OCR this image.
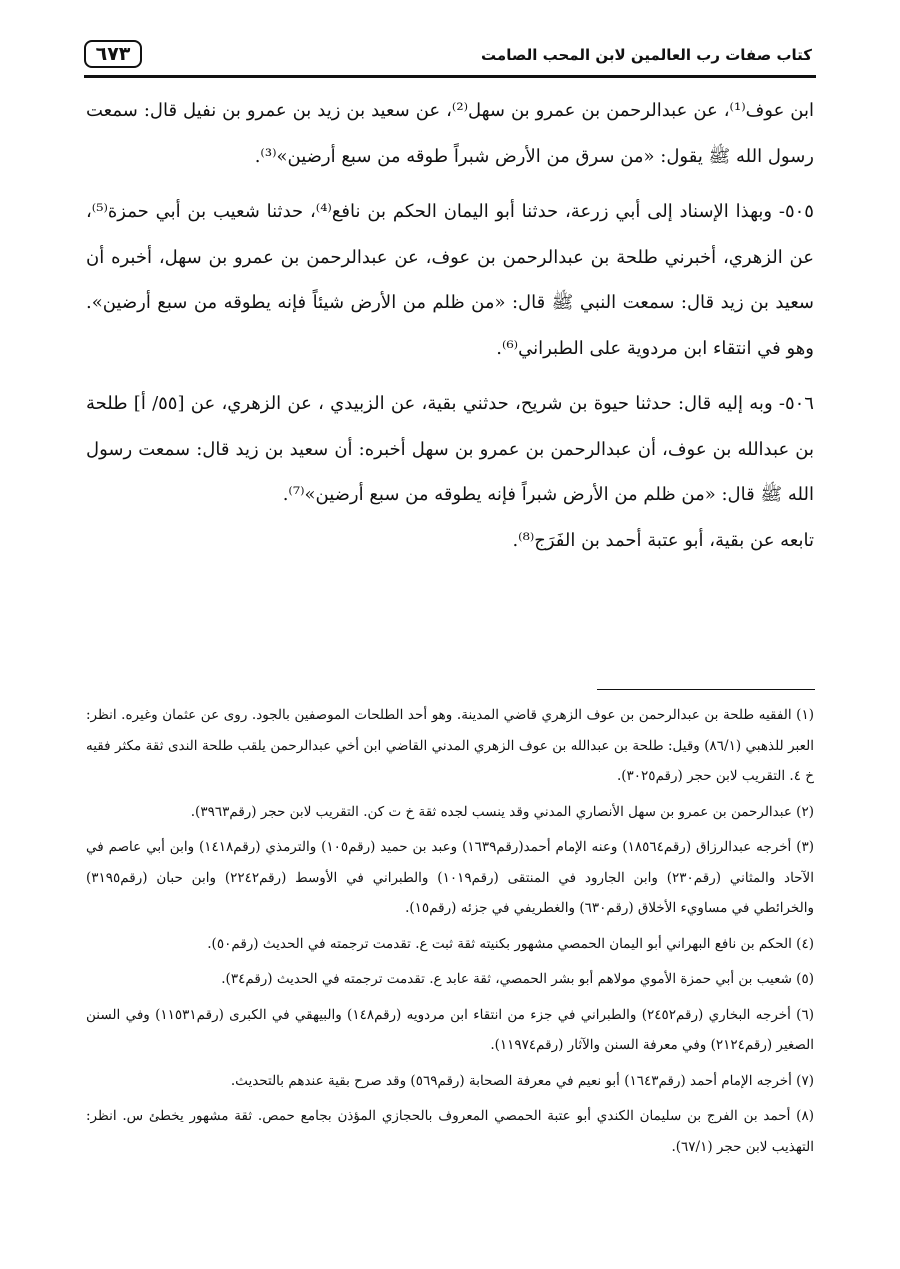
٦٧٣	كتاب صفات رب العالمين لابن المحب الصامت

ابن عوف⁽¹⁾، عن عبدالرحمن بن عمرو بن سهل⁽²⁾، عن سعيد بن زيد بن عمرو بن نفيل قال: سمعت رسول الله ﷺ يقول: «من سرق من الأرض شبراً طوقه من سبع أرضين»⁽³⁾.

٥٠٥- وبهذا الإسناد إلى أبي زرعة، حدثنا أبو اليمان الحكم بن نافع⁽⁴⁾، حدثنا شعيب بن أبي حمزة⁽⁵⁾، عن الزهري، أخبرني طلحة بن عبدالرحمن بن عوف، عن عبدالرحمن بن عمرو بن سهل، أخبره أن سعيد بن زيد قال: سمعت النبي ﷺ قال: «من ظلم من الأرض شيئاً فإنه يطوقه من سبع أرضين». وهو في انتقاء ابن مردوية على الطبراني⁽⁶⁾.

٥٠٦- وبه إليه قال: حدثنا حيوة بن شريح، حدثني بقية، عن الزبيدي ، عن الزهري، عن [٥٥/ أ] طلحة بن عبدالله بن عوف، أن عبدالرحمن بن عمرو بن سهل أخبره: أن سعيد بن زيد قال: سمعت رسول الله ﷺ قال: «من ظلم من الأرض شبراً فإنه يطوقه من سبع أرضين»⁽⁷⁾.

تابعه عن بقية، أبو عتبة أحمد بن الفَرَج⁽⁸⁾.

(١) الفقيه طلحة بن عبدالرحمن بن عوف الزهري قاضي المدينة. وهو أحد الطلحات الموصفين بالجود. روى عن عثمان وغيره. انظر: العبر للذهبي (٨٦/١) وقيل: طلحة بن عبدالله بن عوف الزهري المدني القاضي ابن أخي عبدالرحمن يلقب طلحة الندى ثقة مكثر فقيه خ ٤. التقريب لابن حجر (رقم٣٠٢٥).

(٢) عبدالرحمن بن عمرو بن سهل الأنصاري المدني وقد ينسب لجده ثقة خ ت كن. التقريب لابن حجر (رقم٣٩٦٣).

(٣) أخرجه عبدالرزاق (رقم١٨٥٦٤) وعنه الإمام أحمد(رقم١٦٣٩) وعبد بن حميد (رقم١٠٥) والترمذي (رقم١٤١٨) وابن أبي عاصم في الآحاد والمثاني (رقم٢٣٠) وابن الجارود في المنتقى (رقم١٠١٩) والطبراني في الأوسط (رقم٢٢٤٢) وابن حبان (رقم٣١٩٥) والخرائطي في مساويء الأخلاق (رقم٦٣٠) والغطريفي في جزئه (رقم١٥).

(٤) الحكم بن نافع البهراني أبو اليمان الحمصي مشهور بكنيته ثقة ثبت ع. تقدمت ترجمته في الحديث (رقم٥٠).

(٥) شعيب بن أبي حمزة الأموي مولاهم أبو بشر الحمصي، ثقة عابد ع. تقدمت ترجمته في الحديث (رقم٣٤).

(٦) أخرجه البخاري (رقم٢٤٥٢) والطبراني في جزء من انتقاء ابن مردويه (رقم١٤٨) والبيهقي في الكبرى (رقم١١٥٣١) وفي السنن الصغير (رقم٢١٢٤) وفي معرفة السنن والآثار (رقم١١٩٧٤).

(٧) أخرجه الإمام أحمد (رقم١٦٤٣) أبو نعيم في معرفة الصحابة (رقم٥٦٩) وقد صرح بقية عندهم بالتحديث.

(٨) أحمد بن الفرج بن سليمان الكندي أبو عتبة الحمصي المعروف بالحجازي المؤذن بجامع حمص. ثقة مشهور يخطئ س. انظر: التهذيب لابن حجر (٦٧/١).
